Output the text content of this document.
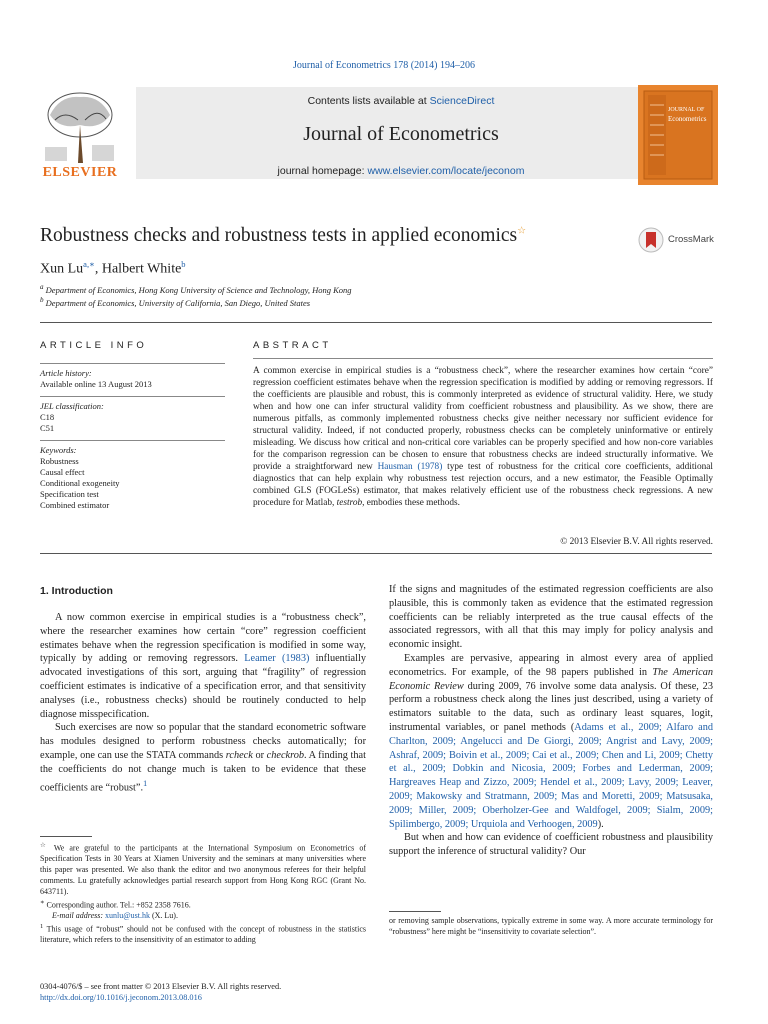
Journal of Econometrics 178 (2014) 194–206
ELSEVIER
Contents lists available at ScienceDirect
Journal of Econometrics
journal homepage: www.elsevier.com/locate/jeconom
JOURNAL OF
Econometrics
Robustness checks and robustness tests in applied economics☆
CrossMark
Xun $Lu^{a,∗}$, Halbert White$^b$
$^a$ Department of Economics, Hong Kong University of Science and Technology, Hong Kong
$^b$ Department of Economics, University of California, San Diego, United States
ARTICLE INFO
Article history:
Available online 13 August 2013
JEL classification:
C18
C51
Keywords:
Robustness
Causal effect
Conditional exogeneity
Specification test
Combined estimator
ABSTRACT
A common exercise in empirical studies is a “robustness check”, where the researcher examines how certain “core” regression coefficient estimates behave when the regression specification is modified by adding or removing regressors. If the coefficients are plausible and robust, this is commonly interpreted as evidence of structural validity. Here, we study when and how one can infer structural validity from coefficient robustness and plausibility. As we show, there are numerous pitfalls, as commonly implemented robustness checks give neither necessary nor sufficient evidence for structural validity. Indeed, if not conducted properly, robustness checks can be completely uninformative or entirely misleading. We discuss how critical and non-critical core variables can be properly specified and how non-core variables for the comparison regression can be chosen to ensure that robustness checks are indeed structurally informative. We provide a straightforward new Hausman (1978) type test of robustness for the critical core coefficients, additional diagnostics that can help explain why robustness test rejection occurs, and a new estimator, the Feasible Optimally combined GLS (FOGLeSs) estimator, that makes relatively efficient use of the robustness check regressions. A new procedure for Matlab, testrob, embodies these methods.
© 2013 Elsevier B.V. All rights reserved.
1. Introduction

A now common exercise in empirical studies is a “robustness check”, where the researcher examines how certain “core” regression coefficient estimates behave when the regression specification is modified in some way, typically by adding or removing regressors. Leamer (1983) influentially advocated investigations of this sort, arguing that “fragility” of regression coefficient estimates is indicative of a specification error, and that sensitivity analyses (i.e., robustness checks) should be routinely conducted to help diagnose misspecification.

Such exercises are now so popular that the standard econometric software has modules designed to perform robustness checks automatically; for example, one can use the STATA commands rcheck or checkrob. A finding that the coefficients do not change much is taken to be evidence that these coefficients are “robust”.$^1$

If the signs and magnitudes of the estimated regression coefficients are also plausible, this is commonly taken as evidence that the estimated regression coefficients can be reliably interpreted as the true causal effects of the associated regressors, with all that this may imply for policy analysis and economic insight.

Examples are pervasive, appearing in almost every area of applied econometrics. For example, of the 98 papers published in The American Economic Review during 2009, 76 involve some data analysis. Of these, 23 perform a robustness check along the lines just described, using a variety of estimators suitable to the data, such as ordinary least squares, logit, instrumental variables, or panel methods (Adams et al., 2009; Alfaro and Charlton, 2009; Angelucci and De Giorgi, 2009; Angrist and Lavy, 2009; Ashraf, 2009; Boivin et al., 2009; Cai et al., 2009; Chen and Li, 2009; Chetty et al., 2009; Dobkin and Nicosia, 2009; Forbes and Lederman, 2009; Hargreaves Heap and Zizzo, 2009; Hendel et al., 2009; Lavy, 2009; Leaver, 2009; Makowsky and Stratmann, 2009; Mas and Moretti, 2009; Matsusaka, 2009; Miller, 2009; Oberholzer-Gee and Waldfogel, 2009; Sialm, 2009; Spilimbergo, 2009; Urquiola and Verhoogen, 2009).

But when and how can evidence of coefficient robustness and plausibility support the inference of structural validity? Our

☆ We are grateful to the participants at the International Symposium on Econometrics of Specification Tests in 30 Years at Xiamen University and the seminars at many universities where this paper was presented. We also thank the editor and two anonymous referees for their helpful comments. Lu gratefully acknowledges partial research support from Hong Kong RGC (Grant No. 643711).
∗ Corresponding author. Tel.: +852 2358 7616.
E-mail address: xunlu@ust.hk (X. Lu).
$^1$ This usage of “robust” should not be confused with the concept of robustness in the statistics literature, which refers to the insensitivity of an estimator to adding
or removing sample observations, typically extreme in some way. A more accurate terminology for “robustness” here might be “insensitivity to covariate selection”.
0304-4076/$ – see front matter © 2013 Elsevier B.V. All rights reserved.
http://dx.doi.org/10.1016/j.jeconom.2013.08.016
